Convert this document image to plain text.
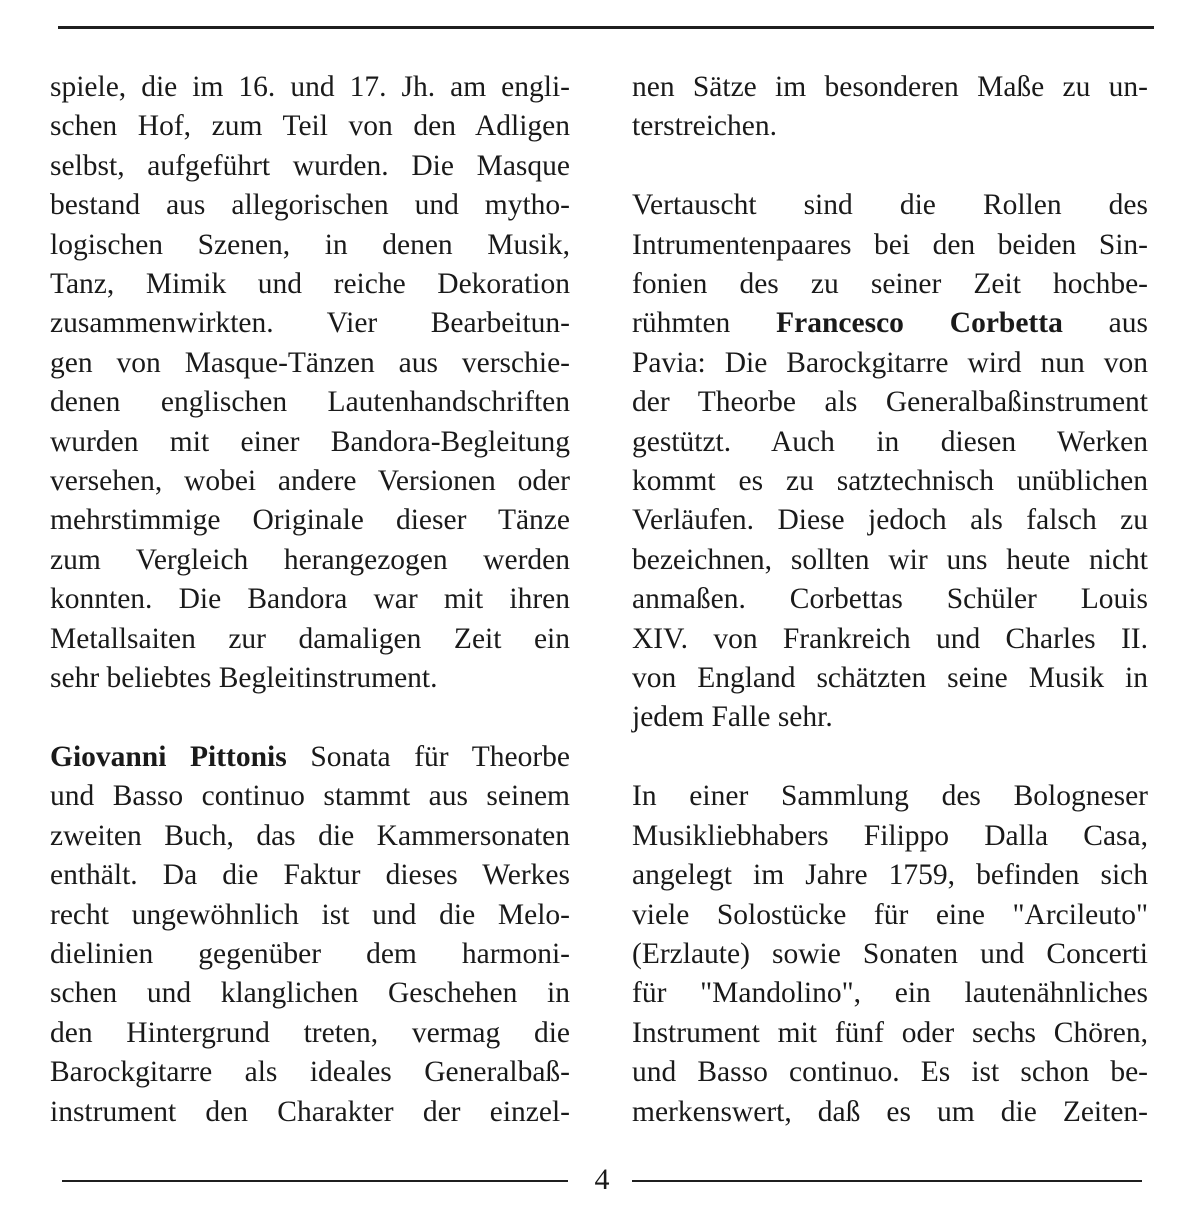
spiele, die im 16. und 17. Jh. am engli-
schen Hof, zum Teil von den Adligen
selbst, aufgeführt wurden. Die Masque
bestand aus allegorischen und mytho-
logischen Szenen, in denen Musik,
Tanz, Mimik und reiche Dekoration
zusammenwirkten. Vier Bearbeitun-
gen von Masque-Tänzen aus verschie-
denen englischen Lautenhandschriften
wurden mit einer Bandora-Begleitung
versehen, wobei andere Versionen oder
mehrstimmige Originale dieser Tänze
zum Vergleich herangezogen werden
konnten. Die Bandora war mit ihren
Metallsaiten zur damaligen Zeit ein
sehr beliebtes Begleitinstrument.
Giovanni Pittonis Sonata für Theorbe
und Basso continuo stammt aus seinem
zweiten Buch, das die Kammersonaten
enthält. Da die Faktur dieses Werkes
recht ungewöhnlich ist und die Melo-
dielinien gegenüber dem harmoni-
schen und klanglichen Geschehen in
den Hintergrund treten, vermag die
Barockgitarre als ideales Generalbaß-
instrument den Charakter der einzel-
nen Sätze im besonderen Maße zu un-
terstreichen.
Vertauscht sind die Rollen des
Intrumentenpaares bei den beiden Sin-
fonien des zu seiner Zeit hochbe-
rühmten Francesco Corbetta aus
Pavia: Die Barockgitarre wird nun von
der Theorbe als Generalbaßinstrument
gestützt. Auch in diesen Werken
kommt es zu satztechnisch unüblichen
Verläufen. Diese jedoch als falsch zu
bezeichnen, sollten wir uns heute nicht
anmaßen. Corbettas Schüler Louis
XIV. von Frankreich und Charles II.
von England schätzten seine Musik in
jedem Falle sehr.
In einer Sammlung des Bologneser
Musikliebhabers Filippo Dalla Casa,
angelegt im Jahre 1759, befinden sich
viele Solostücke für eine "Arcileuto"
(Erzlaute) sowie Sonaten und Concerti
für "Mandolino", ein lautenähnliches
Instrument mit fünf oder sechs Chören,
und Basso continuo. Es ist schon be-
merkenswert, daß es um die Zeiten-
4
